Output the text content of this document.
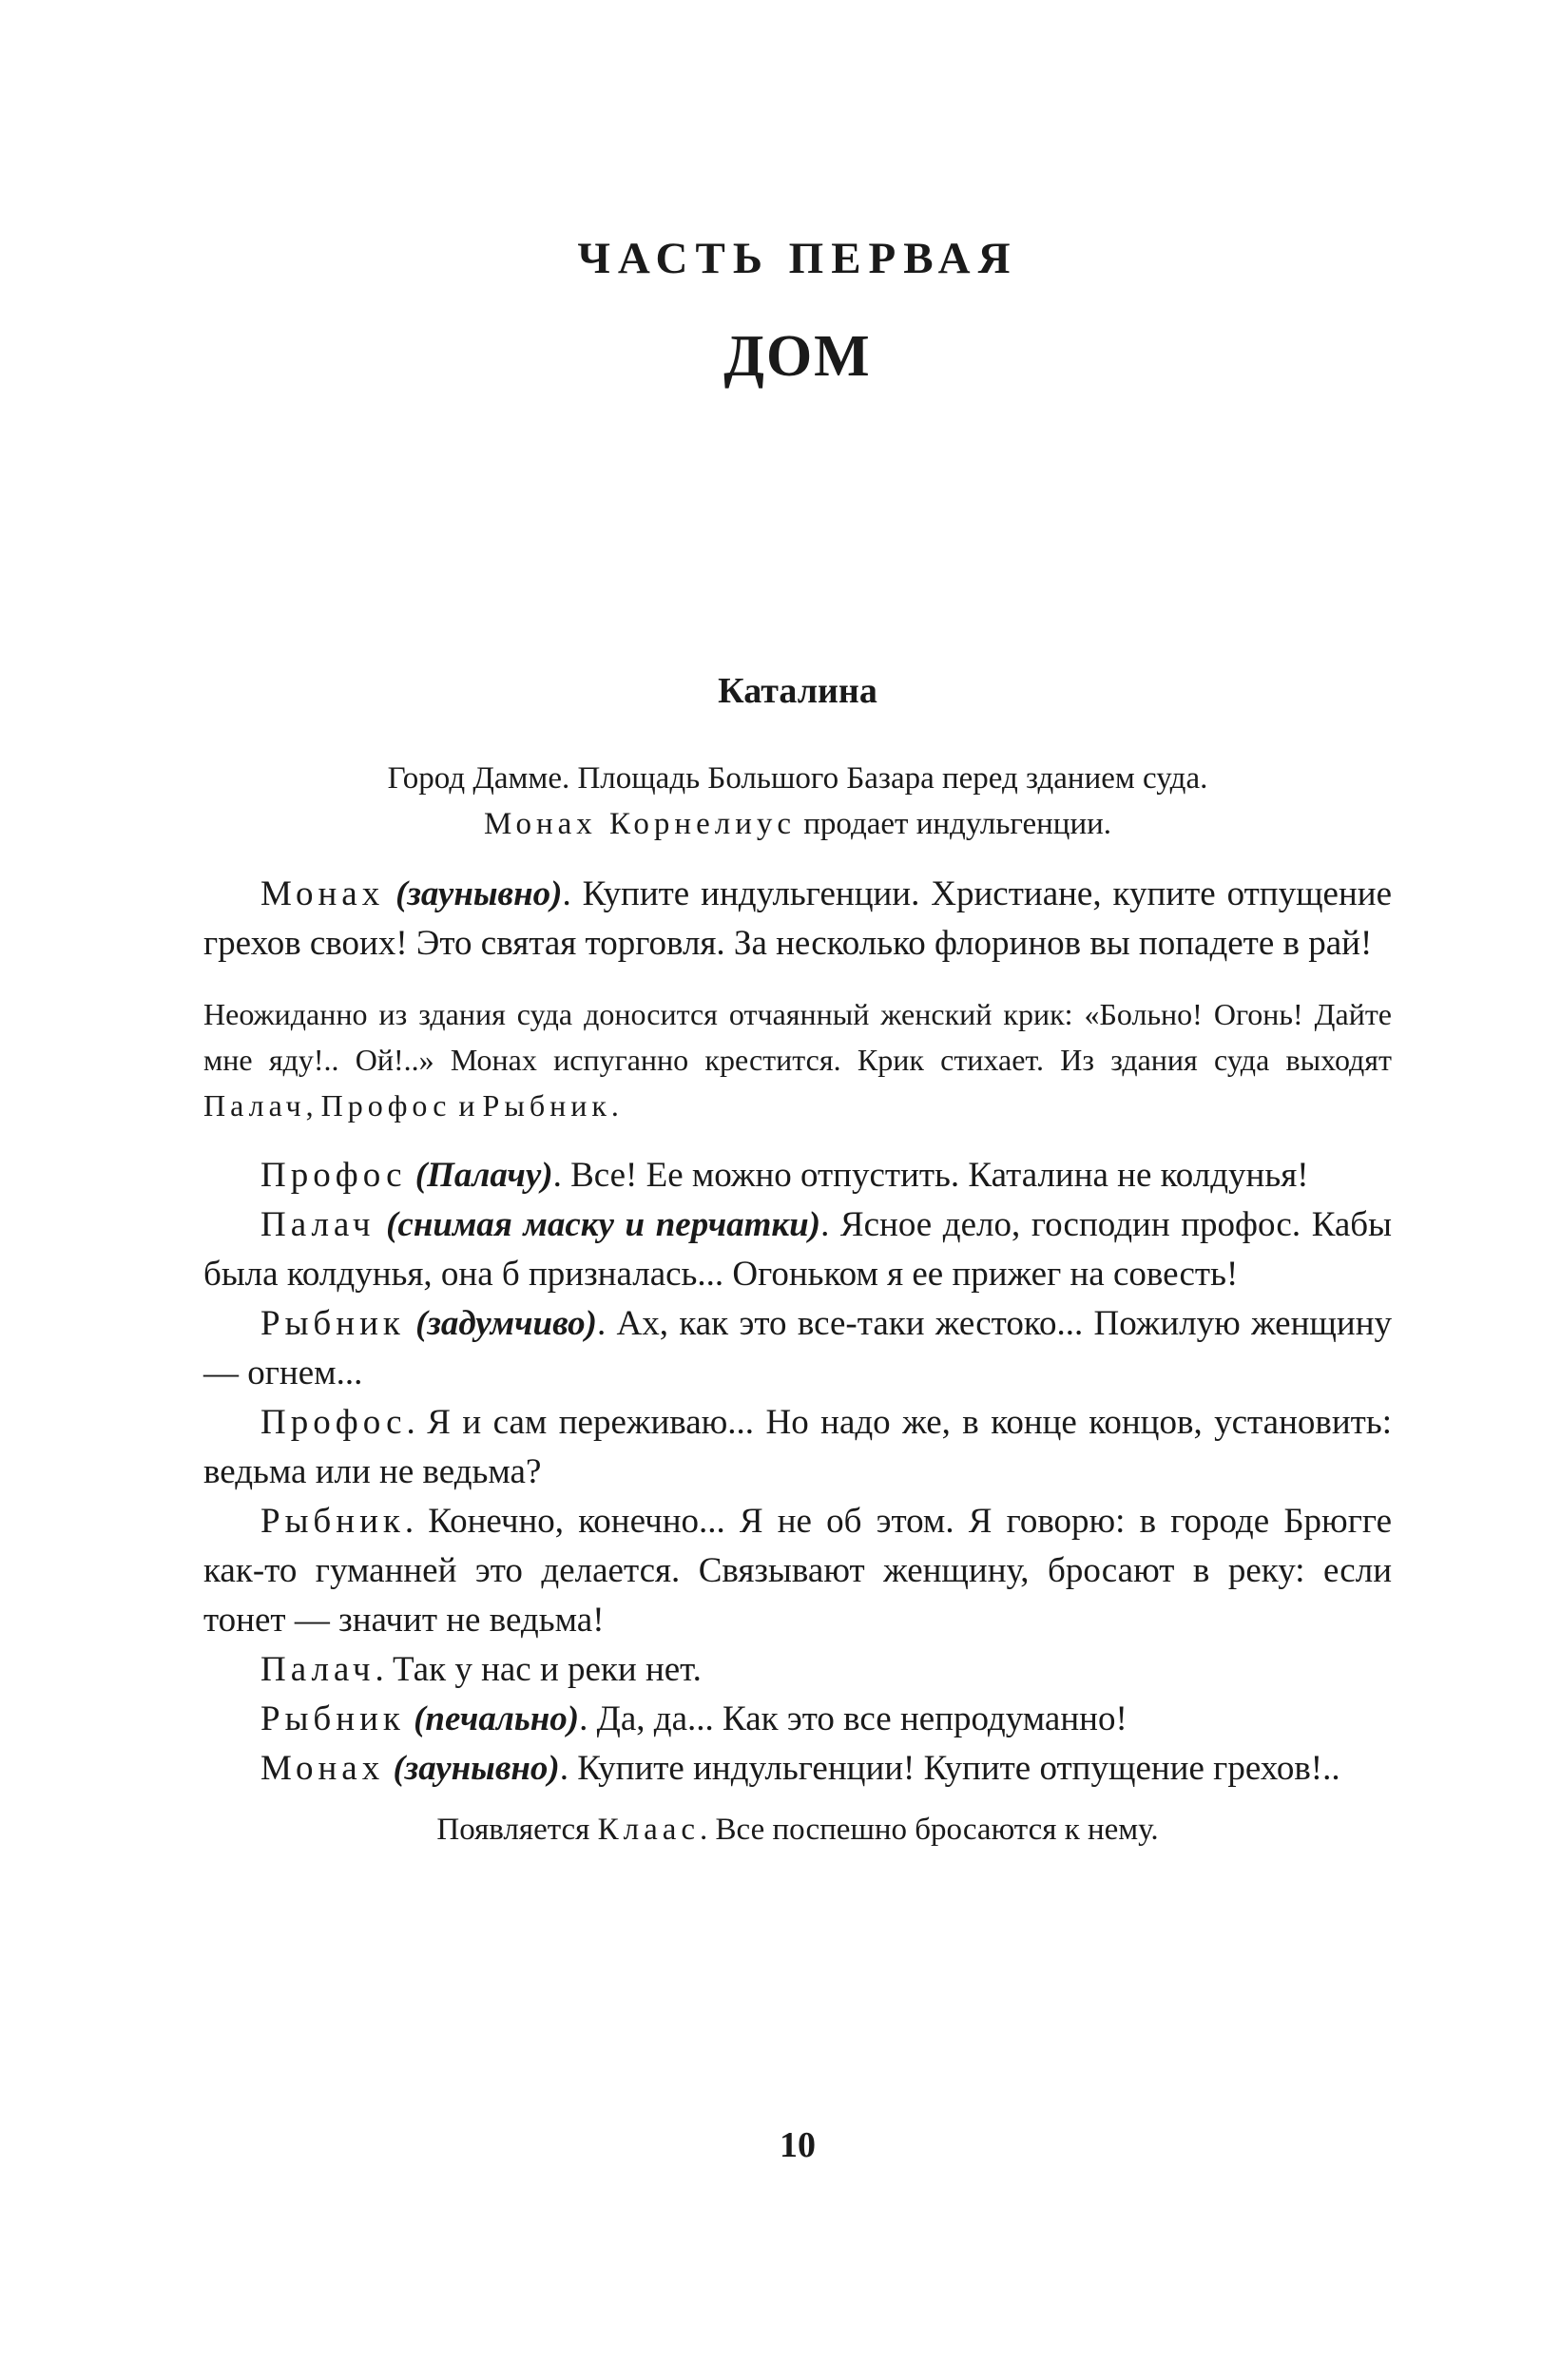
ЧАСТЬ ПЕРВАЯ
ДОМ
Каталина

Город Дамме. Площадь Большого Базара перед зданием суда.
Монах Корнелиус продает индульгенции.

Монах (заунывно). Купите индульгенции. Христиане, купите отпущение грехов своих! Это святая торговля. За несколько флоринов вы попадете в рай!

Неожиданно из здания суда доносится отчаянный женский крик: «Больно! Огонь! Дайте мне яду!.. Ой!..» Монах испуганно крестится. Крик стихает. Из здания суда выходят Палач, Профос и Рыбник.

Профос (Палачу). Все! Ее можно отпустить. Каталина не колдунья!

Палач (снимая маску и перчатки). Ясное дело, господин профос. Кабы была колдунья, она б призналась... Огоньком я ее прижег на совесть!

Рыбник (задумчиво). Ах, как это все-таки жестоко... Пожилую женщину — огнем...

Профос. Я и сам переживаю... Но надо же, в конце концов, установить: ведьма или не ведьма?

Рыбник. Конечно, конечно... Я не об этом. Я говорю: в городе Брюгге как-то гуманней это делается. Связывают женщину, бросают в реку: если тонет — значит не ведьма!

Палач. Так у нас и реки нет.

Рыбник (печально). Да, да... Как это все непродуманно!

Монах (заунывно). Купите индульгенции! Купите отпущение грехов!..

Появляется Клаас. Все поспешно бросаются к нему.

10
